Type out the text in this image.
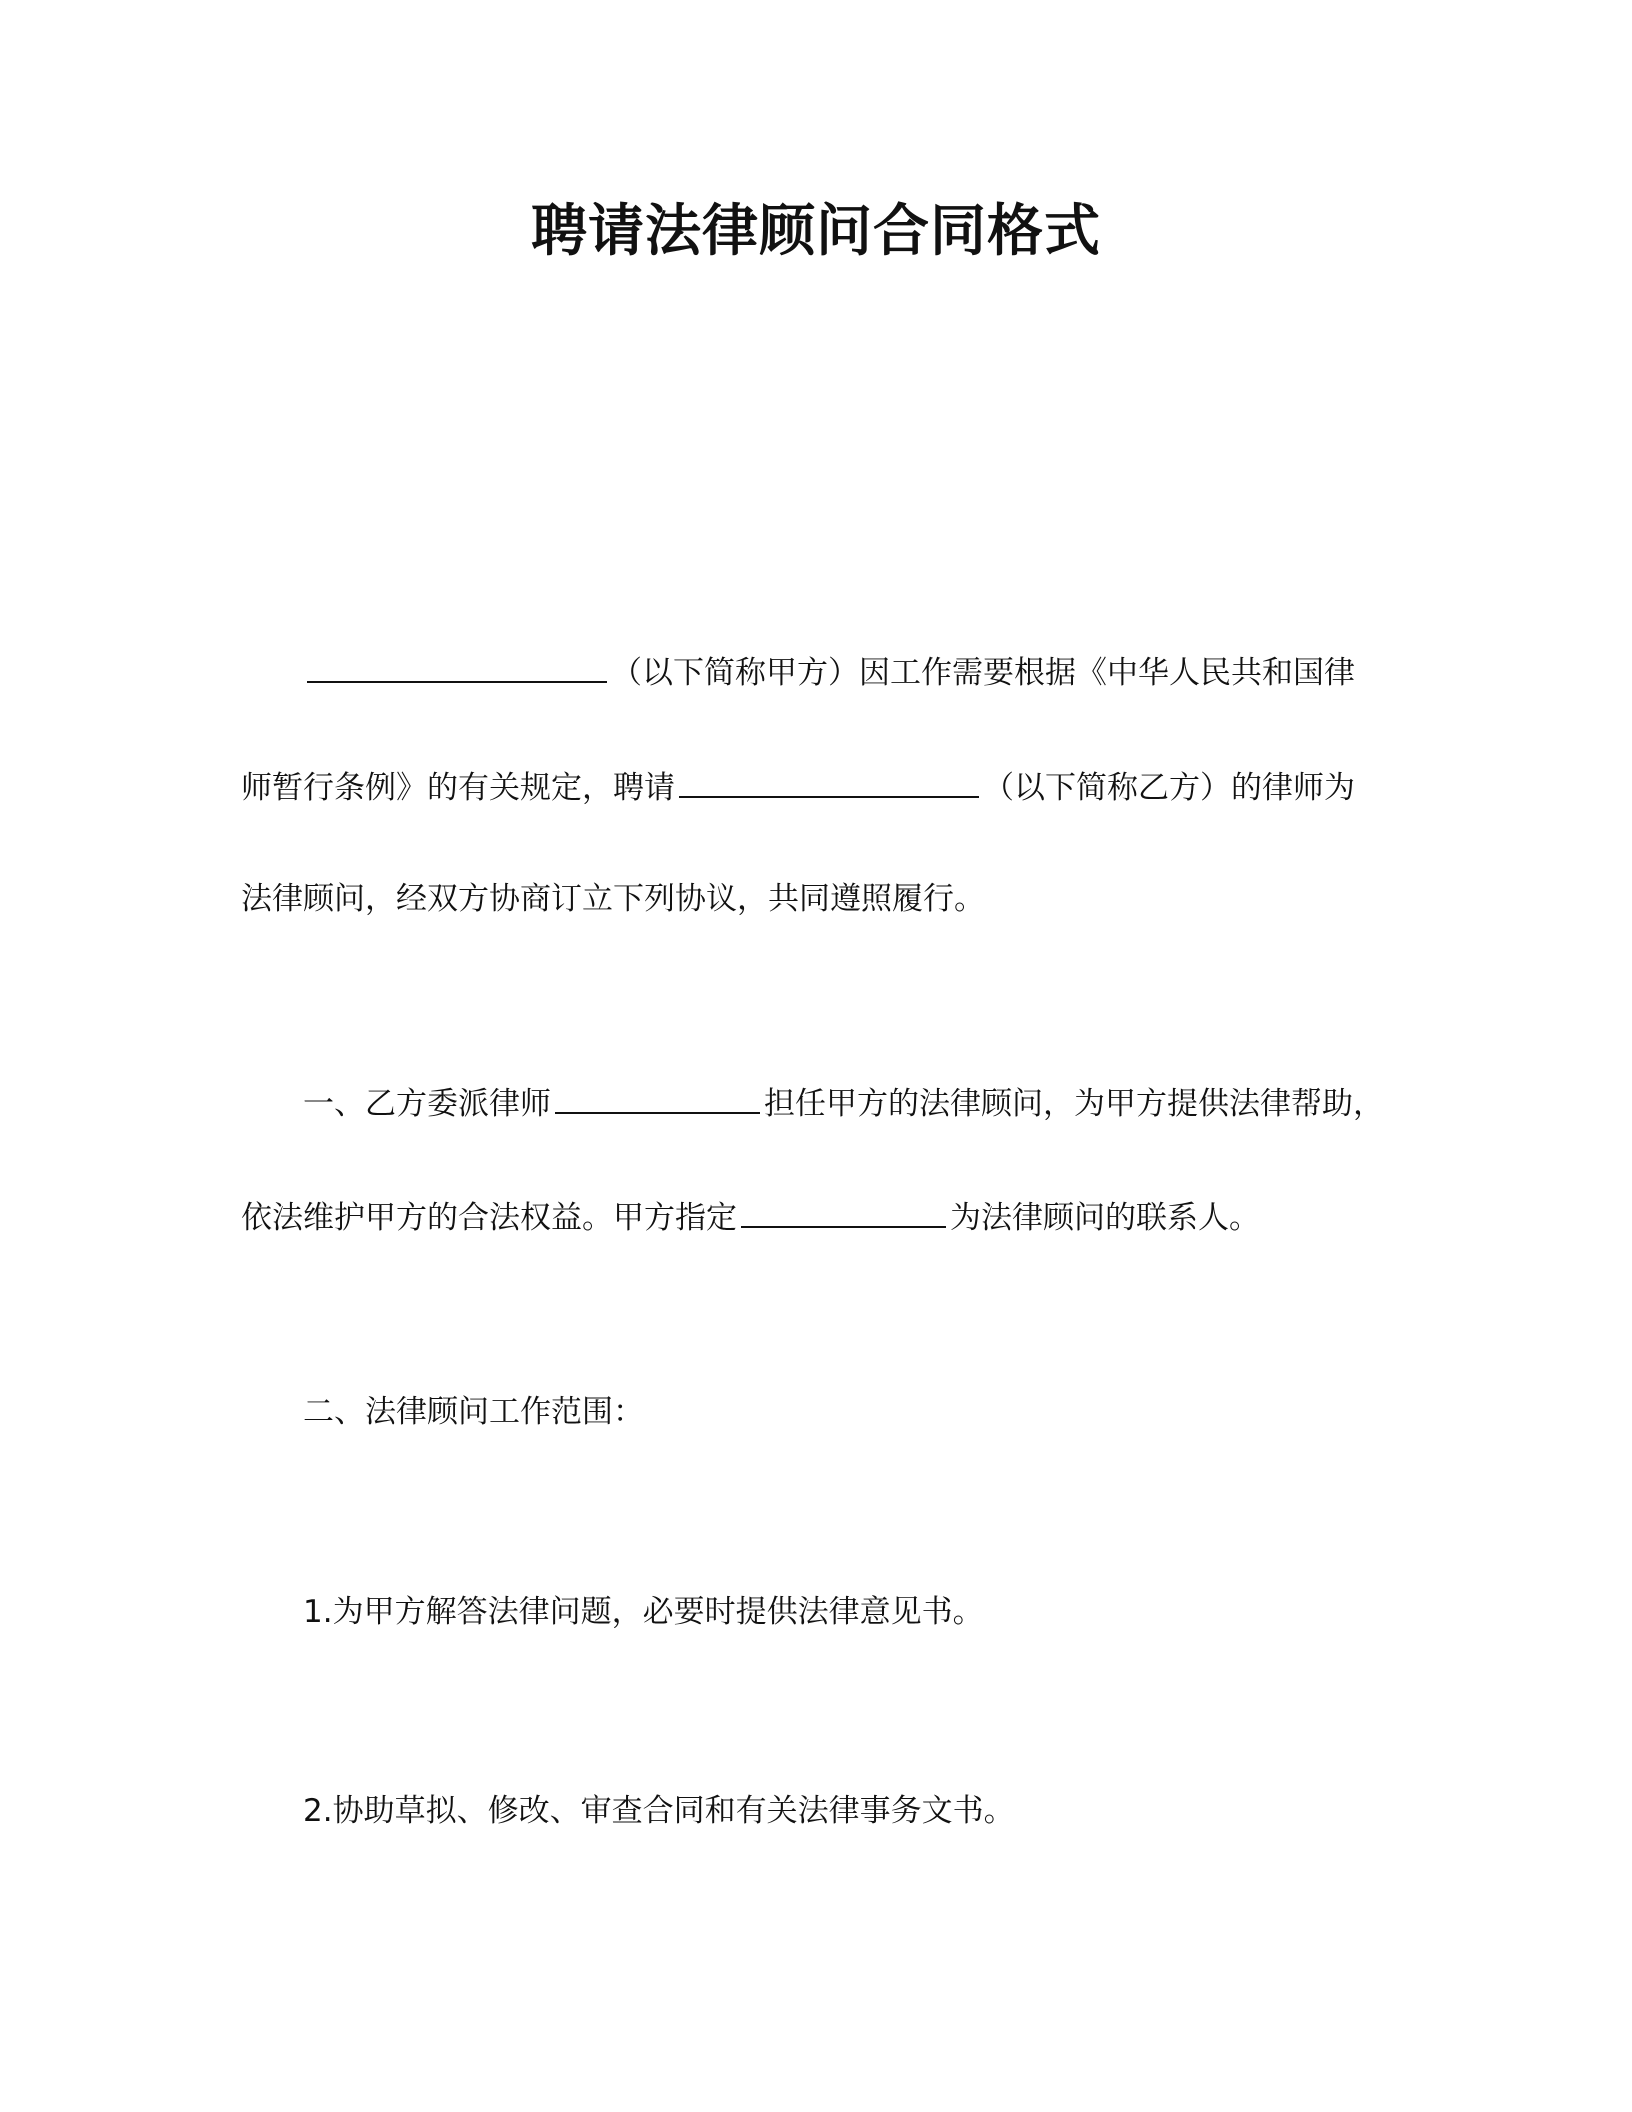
聘请法律顾问合同格式
（以下简称甲方）因工作需要根据《中华人民共和国律
师暂行条例》的有关规定，聘请	（以下简称乙方）的律师为
法律顾问，经双方协商订立下列协议，共同遵照履行。
一、乙方委派律师	担任甲方的法律顾问，为甲方提供法律帮助，
依法维护甲方的合法权益。甲方指定	为法律顾问的联系人。
二、法律顾问工作范围：
1.为甲方解答法律问题，必要时提供法律意见书。
2.协助草拟、修改、审查合同和有关法律事务文书。
